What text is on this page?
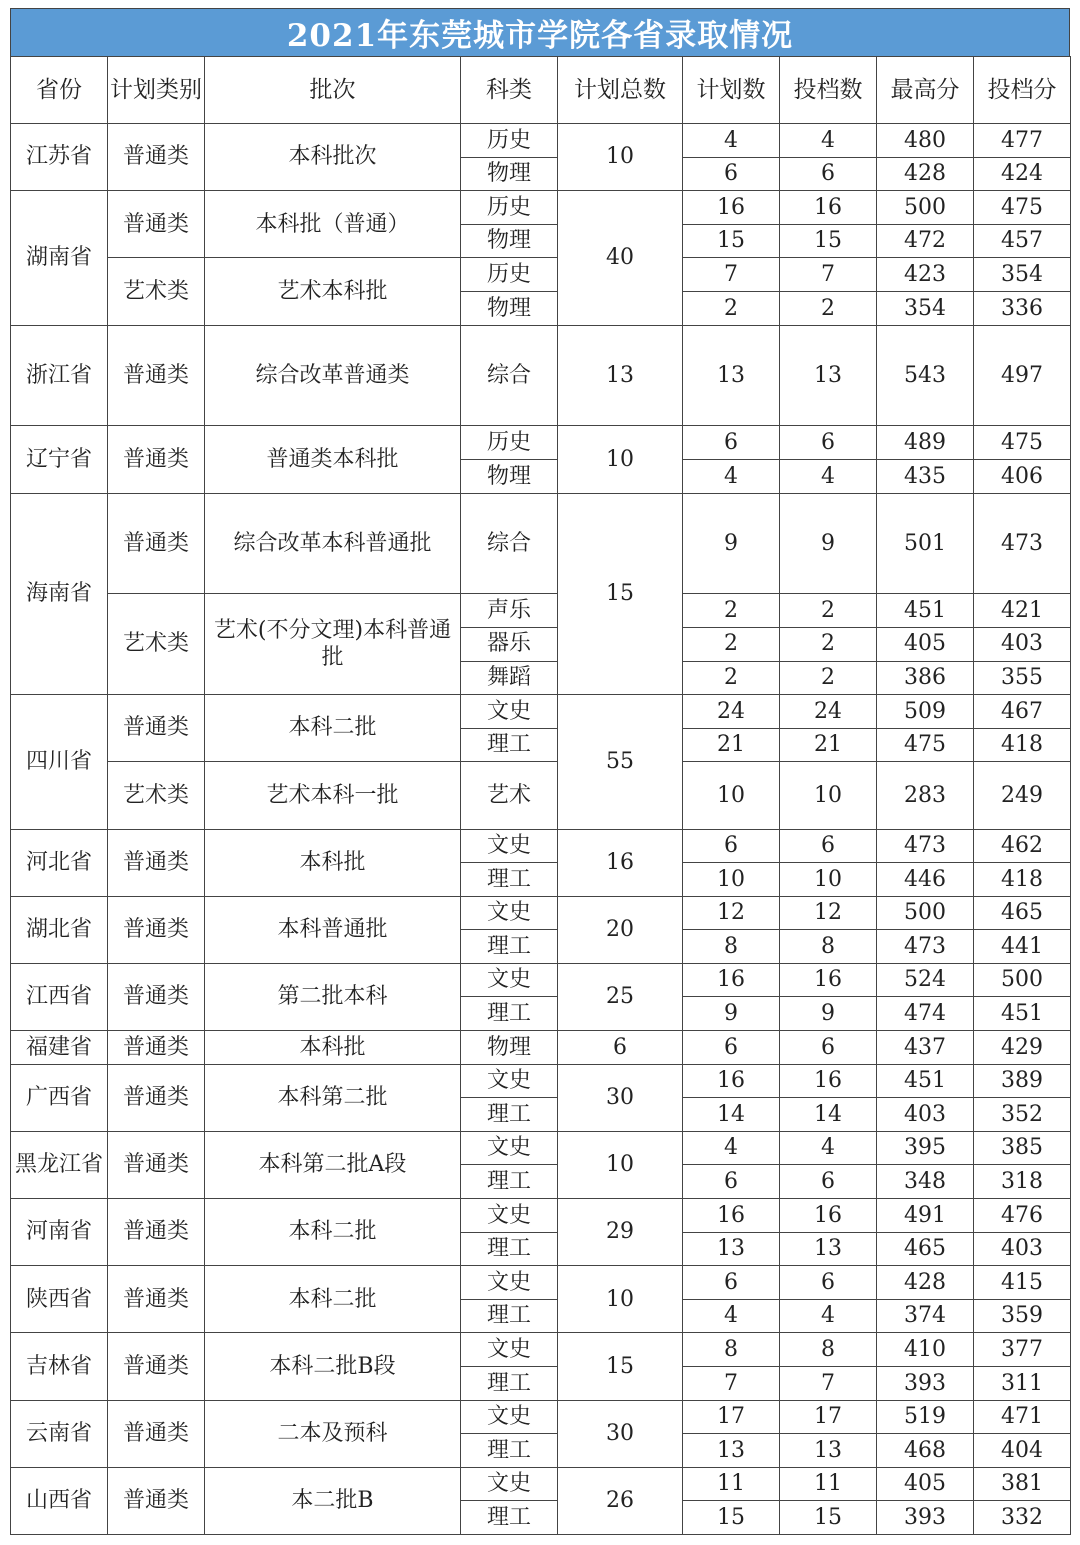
2021年东莞城市学院各省录取情况
省份	计划类别	批次	科类	计划总数	计划数	投档数	最高分	投档分
江苏省	普通类	本科批次	历史	10	4	4	480	477
			物理		6	6	428	424
湖南省	普通类	本科批（普通）	历史	40	16	16	500	475
			物理		15	15	472	457
	艺术类	艺术本科批	历史		7	7	423	354
			物理		2	2	354	336
浙江省	普通类	综合改革普通类	综合	13	13	13	543	497
辽宁省	普通类	普通类本科批	历史	10	6	6	489	475
			物理		4	4	435	406
海南省	普通类	综合改革本科普通批	综合	15	9	9	501	473
	艺术类	艺术(不分文理)本科普通批	声乐		2	2	451	421
			器乐		2	2	405	403
			舞蹈		2	2	386	355
四川省	普通类	本科二批	文史	55	24	24	509	467
			理工		21	21	475	418
	艺术类	艺术本科一批	艺术		10	10	283	249
河北省	普通类	本科批	文史	16	6	6	473	462
			理工		10	10	446	418
湖北省	普通类	本科普通批	文史	20	12	12	500	465
			理工		8	8	473	441
江西省	普通类	第二批本科	文史	25	16	16	524	500
			理工		9	9	474	451
福建省	普通类	本科批	物理	6	6	6	437	429
广西省	普通类	本科第二批	文史	30	16	16	451	389
			理工		14	14	403	352
黑龙江省	普通类	本科第二批A段	文史	10	4	4	395	385
			理工		6	6	348	318
河南省	普通类	本科二批	文史	29	16	16	491	476
			理工		13	13	465	403
陕西省	普通类	本科二批	文史	10	6	6	428	415
			理工		4	4	374	359
吉林省	普通类	本科二批B段	文史	15	8	8	410	377
			理工		7	7	393	311
云南省	普通类	二本及预科	文史	30	17	17	519	471
			理工		13	13	468	404
山西省	普通类	本二批B	文史	26	11	11	405	381
			理工		15	15	393	332
